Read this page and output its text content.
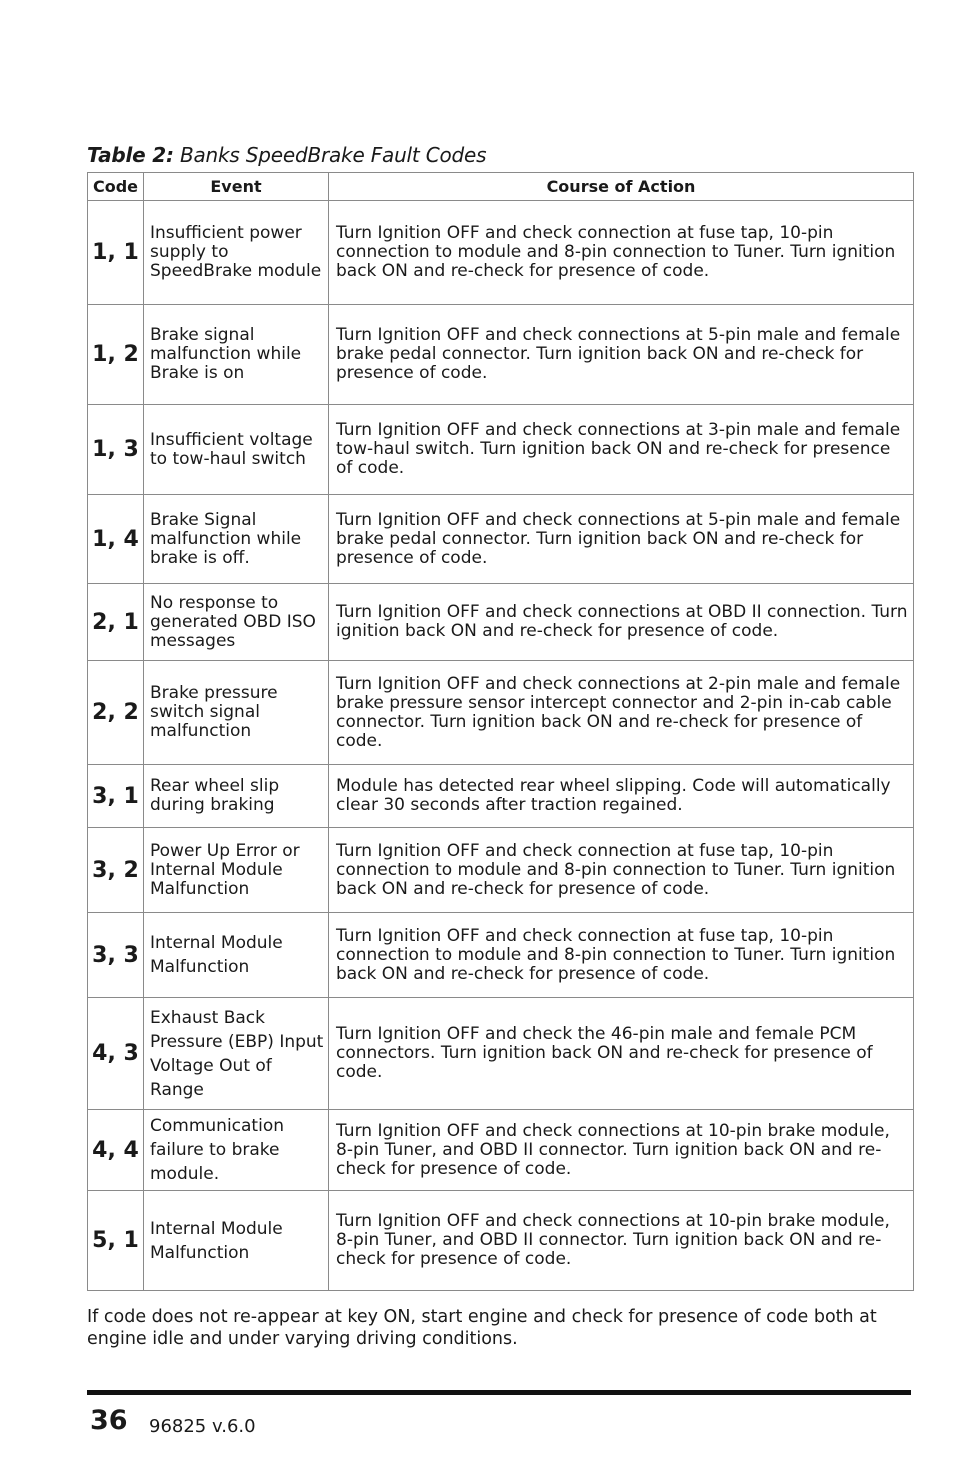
Table 2: Banks SpeedBrake Fault Codes
Code	Event	Course of Action
1, 1	Insufficient power supply to SpeedBrake module	Turn Ignition OFF and check connection at fuse tap, 10-pin connection to module and 8-pin connection to Tuner. Turn ignition back ON and re-check for presence of code.
1, 2	Brake signal malfunction while Brake is on	Turn Ignition OFF and check connections at 5-pin male and female brake pedal connector. Turn ignition back ON and re-check for presence of code.
1, 3	Insufficient voltage to tow-haul switch	Turn Ignition OFF and check connections at 3-pin male and female tow-haul switch. Turn ignition back ON and re-check for presence of code.
1, 4	Brake Signal malfunction while brake is off.	Turn Ignition OFF and check connections at 5-pin male and female brake pedal connector. Turn ignition back ON and re-check for presence of code.
2, 1	No response to generated OBD ISO messages	Turn Ignition OFF and check connections at OBD II connection. Turn ignition back ON and re-check for presence of code.
2, 2	Brake pressure switch signal malfunction	Turn Ignition OFF and check connections at 2-pin male and female brake pressure sensor intercept connector and 2-pin in-cab cable connector. Turn ignition back ON and re-check for presence of code.
3, 1	Rear wheel slip during braking	Module has detected rear wheel slipping. Code will automatically clear 30 seconds after traction regained.
3, 2	Power Up Error or Internal Module Malfunction	Turn Ignition OFF and check connection at fuse tap, 10-pin connection to module and 8-pin connection to Tuner. Turn ignition back ON and re-check for presence of code.
3, 3	Internal Module Malfunction	Turn Ignition OFF and check connection at fuse tap, 10-pin connection to module and 8-pin connection to Tuner. Turn ignition back ON and re-check for presence of code.
4, 3	Exhaust Back Pressure (EBP) Input Voltage Out of Range	Turn Ignition OFF and check the 46-pin male and female PCM connectors. Turn ignition back ON and re-check for presence of code.
4, 4	Communication failure to brake module.	Turn Ignition OFF and check connections at 10-pin brake module, 8-pin Tuner, and OBD II connector. Turn ignition back ON and re-check for presence of code.
5, 1	Internal Module Malfunction	Turn Ignition OFF and check connections at 10-pin brake module, 8-pin Tuner, and OBD II connector. Turn ignition back ON and re-check for presence of code.
If code does not re-appear at key ON, start engine and check for presence of code both at engine idle and under varying driving conditions.
36 96825 v.6.0
